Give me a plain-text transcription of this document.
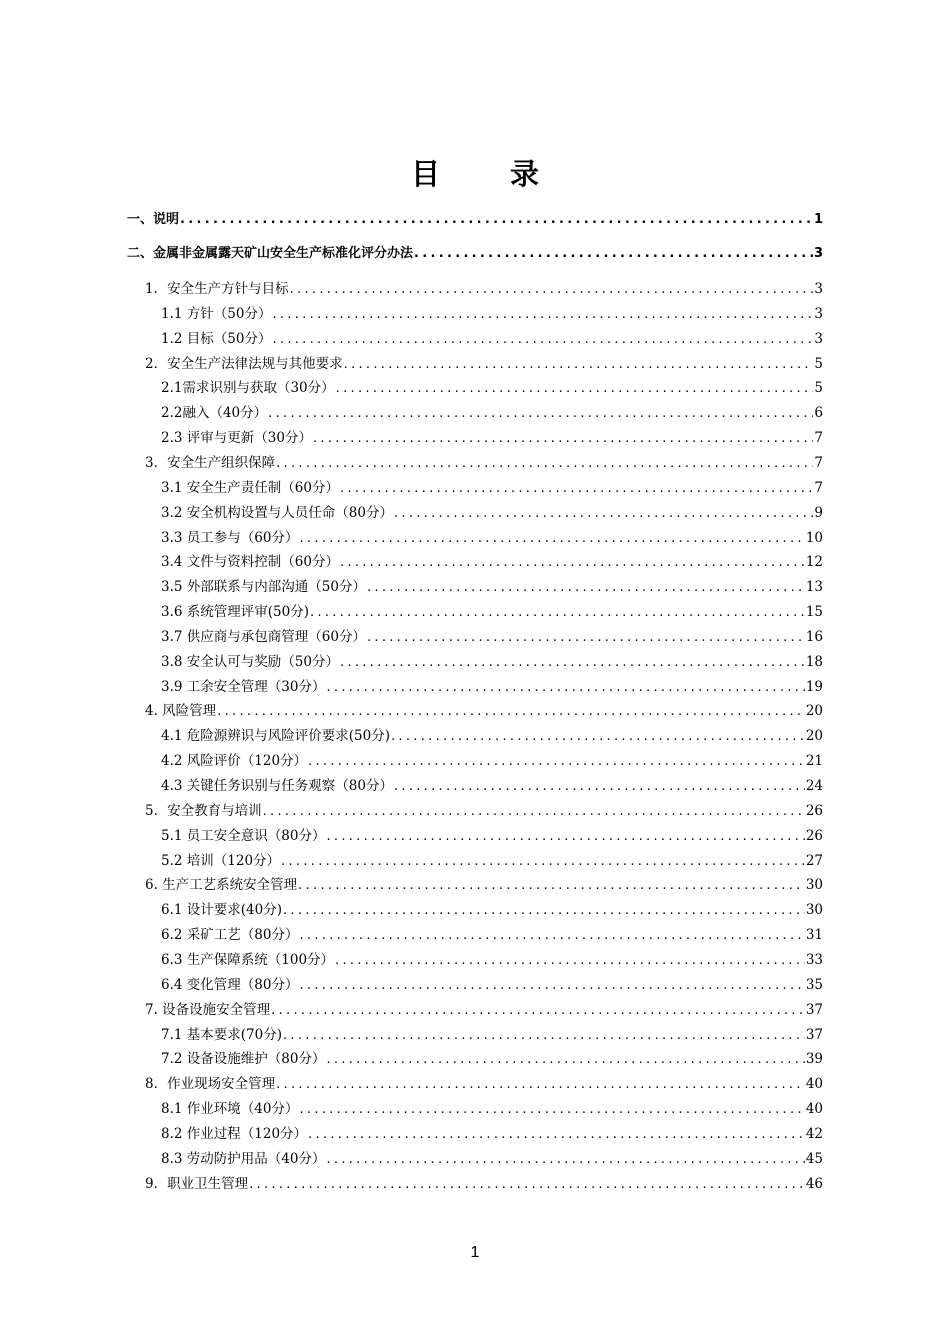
目 录
一、说明 .....	1
二、金属非金属露天矿山安全生产标准化评分办法 .....	3
1．安全生产方针与目标 .....	3
1.1 方针（50分） .....	3
1.2 目标（50分） .....	3
2．安全生产法律法规与其他要求 .....	5
2.1需求识别与获取（30分） .....	5
2.2融入（40分） .....	6
2.3 评审与更新（30分） .....	7
3．安全生产组织保障 .....	7
3.1 安全生产责任制（60分） .....	7
3.2 安全机构设置与人员任命（80分） .....	9
3.3 员工参与（60分） .....	10
3.4 文件与资料控制（60分） .....	12
3.5 外部联系与内部沟通（50分） .....	13
3.6 系统管理评审(50分) .....	15
3.7 供应商与承包商管理（60分） .....	16
3.8 安全认可与奖励（50分） .....	18
3.9 工余安全管理（30分） .....	19
4. 风险管理 .....	20
4.1 危险源辨识与风险评价要求(50分) .....	20
4.2 风险评价（120分） .....	21
4.3 关键任务识别与任务观察（80分） .....	24
5．安全教育与培训 .....	26
5.1 员工安全意识（80分） .....	26
5.2 培训（120分） .....	27
6. 生产工艺系统安全管理 .....	30
6.1 设计要求(40分) .....	30
6.2 采矿工艺（80分） .....	31
6.3 生产保障系统（100分） .....	33
6.4 变化管理（80分） .....	35
7. 设备设施安全管理 .....	37
7.1 基本要求(70分) .....	37
7.2 设备设施维护（80分） .....	39
8．作业现场安全管理 .....	40
8.1 作业环境（40分） .....	40
8.2 作业过程（120分） .....	42
8.3 劳动防护用品（40分） .....	45
9．职业卫生管理 .....	46
1
